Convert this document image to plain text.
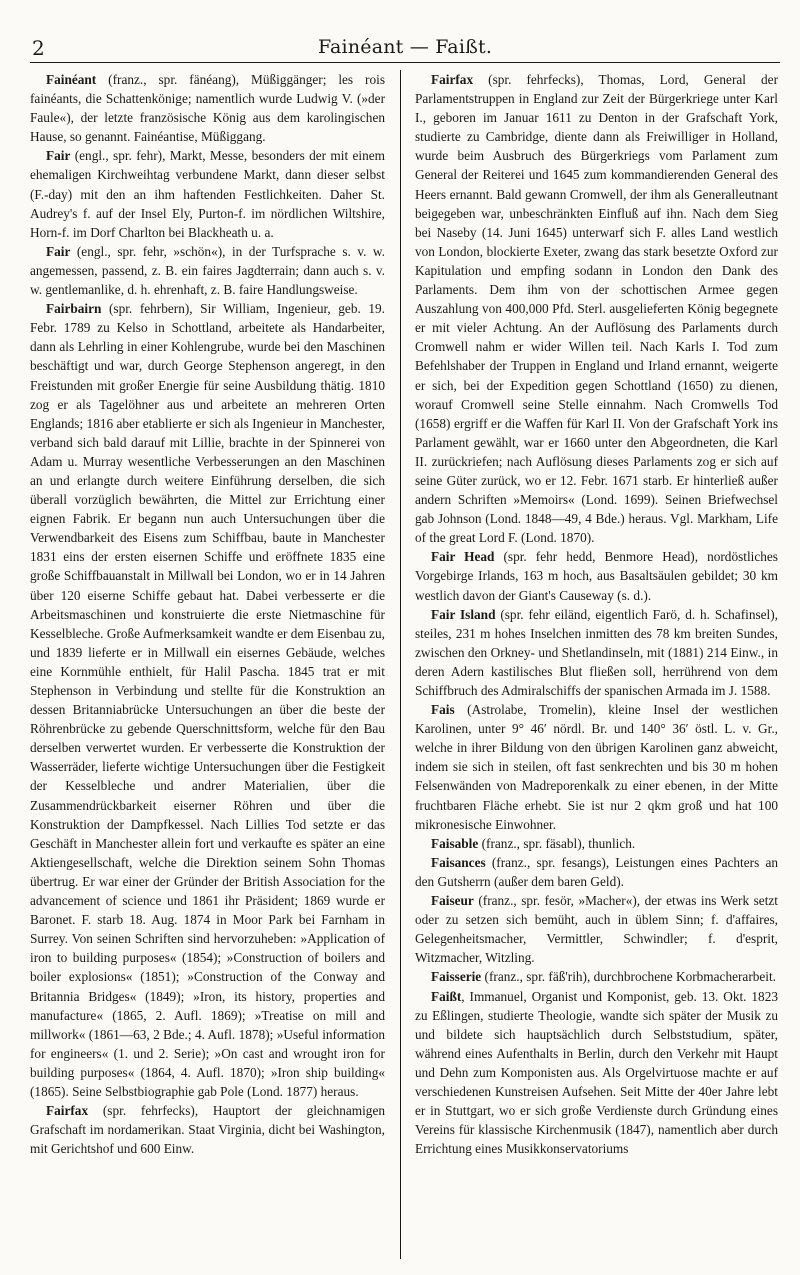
2	Fainéant — Faißt.

Fainéant (franz., spr. fänéang), Müßiggänger; les rois fainéants, die Schattenkönige; namentlich wurde Ludwig V. (»der Faule«), der letzte französische König aus dem karolingischen Hause, so genannt. Fainéantise, Müßiggang.

Fair (engl., spr. fehr), Markt, Messe, besonders der mit einem ehemaligen Kirchweihtag verbundene Markt, dann dieser selbst (F.-day) mit den an ihm haftenden Festlichkeiten. Daher St. Audrey's f. auf der Insel Ely, Purton-f. im nördlichen Wiltshire, Horn-f. im Dorf Charlton bei Blackheath u. a.

Fair (engl., spr. fehr, »schön«), in der Turfsprache s. v. w. angemessen, passend, z. B. ein faires Jagdterrain; dann auch s. v. w. gentlemanlike, d. h. ehrenhaft, z. B. faire Handlungsweise.

Fairbairn (spr. fehrbern), Sir William, Ingenieur, geb. 19. Febr. 1789 zu Kelso in Schottland, arbeitete als Handarbeiter, dann als Lehrling in einer Kohlengrube, wurde bei den Maschinen beschäftigt und war, durch George Stephenson angeregt, in den Freistunden mit großer Energie für seine Ausbildung thätig. 1810 zog er als Tagelöhner aus und arbeitete an mehreren Orten Englands; 1816 aber etablierte er sich als Ingenieur in Manchester, verband sich bald darauf mit Lillie, brachte in der Spinnerei von Adam u. Murray wesentliche Verbesserungen an den Maschinen an und erlangte durch weitere Einführung derselben, die sich überall vorzüglich bewährten, die Mittel zur Errichtung einer eignen Fabrik. Er begann nun auch Untersuchungen über die Verwendbarkeit des Eisens zum Schiffbau, baute in Manchester 1831 eins der ersten eisernen Schiffe und eröffnete 1835 eine große Schiffbauanstalt in Millwall bei London, wo er in 14 Jahren über 120 eiserne Schiffe gebaut hat. Dabei verbesserte er die Arbeitsmaschinen und konstruierte die erste Nietmaschine für Kesselbleche. Große Aufmerksamkeit wandte er dem Eisenbau zu, und 1839 lieferte er in Millwall ein eisernes Gebäude, welches eine Kornmühle enthielt, für Halil Pascha. 1845 trat er mit Stephenson in Verbindung und stellte für die Konstruktion an dessen Britanniabrücke Untersuchungen an über die beste der Röhrenbrücke zu gebende Querschnittsform, welche für den Bau derselben verwertet wurden. Er verbesserte die Konstruktion der Wasserräder, lieferte wichtige Untersuchungen über die Festigkeit der Kesselbleche und andrer Materialien, über die Zusammendrückbarkeit eiserner Röhren und über die Konstruktion der Dampfkessel. Nach Lillies Tod setzte er das Geschäft in Manchester allein fort und verkaufte es später an eine Aktiengesellschaft, welche die Direktion seinem Sohn Thomas übertrug. Er war einer der Gründer der British Association for the advancement of science und 1861 ihr Präsident; 1869 wurde er Baronet. F. starb 18. Aug. 1874 in Moor Park bei Farnham in Surrey. Von seinen Schriften sind hervorzuheben: »Application of iron to building purposes« (1854); »Construction of boilers and boiler explosions« (1851); »Construction of the Conway and Britannia Bridges« (1849); »Iron, its history, properties and manufacture« (1865, 2. Aufl. 1869); »Treatise on mill and millwork« (1861—63, 2 Bde.; 4. Aufl. 1878); »Useful information for engineers« (1. und 2. Serie); »On cast and wrought iron for building purposes« (1864, 4. Aufl. 1870); »Iron ship building« (1865). Seine Selbstbiographie gab Pole (Lond. 1877) heraus.

Fairfax (spr. fehrfecks), Hauptort der gleichnamigen Grafschaft im nordamerikan. Staat Virginia, dicht bei Washington, mit Gerichtshof und 600 Einw.

Fairfax (spr. fehrfecks), Thomas, Lord, General der Parlamentstruppen in England zur Zeit der Bürgerkriege unter Karl I., geboren im Januar 1611 zu Denton in der Grafschaft York, studierte zu Cambridge, diente dann als Freiwilliger in Holland, wurde beim Ausbruch des Bürgerkriegs vom Parlament zum General der Reiterei und 1645 zum kommandierenden General des Heers ernannt. Bald gewann Cromwell, der ihm als Generalleutnant beigegeben war, unbeschränkten Einfluß auf ihn. Nach dem Sieg bei Naseby (14. Juni 1645) unterwarf sich F. alles Land westlich von London, blockierte Exeter, zwang das stark besetzte Oxford zur Kapitulation und empfing sodann in London den Dank des Parlaments. Dem ihm von der schottischen Armee gegen Auszahlung von 400,000 Pfd. Sterl. ausgelieferten König begegnete er mit vieler Achtung. An der Auflösung des Parlaments durch Cromwell nahm er wider Willen teil. Nach Karls I. Tod zum Befehlshaber der Truppen in England und Irland ernannt, weigerte er sich, bei der Expedition gegen Schottland (1650) zu dienen, worauf Cromwell seine Stelle einnahm. Nach Cromwells Tod (1658) ergriff er die Waffen für Karl II. Von der Grafschaft York ins Parlament gewählt, war er 1660 unter den Abgeordneten, die Karl II. zurückriefen; nach Auflösung dieses Parlaments zog er sich auf seine Güter zurück, wo er 12. Febr. 1671 starb. Er hinterließ außer andern Schriften »Memoirs« (Lond. 1699). Seinen Briefwechsel gab Johnson (Lond. 1848—49, 4 Bde.) heraus. Vgl. Markham, Life of the great Lord F. (Lond. 1870).

Fair Head (spr. fehr hedd, Benmore Head), nordöstliches Vorgebirge Irlands, 163 m hoch, aus Basaltsäulen gebildet; 30 km westlich davon der Giant's Causeway (s. d.).

Fair Island (spr. fehr eiländ, eigentlich Farö, d. h. Schafinsel), steiles, 231 m hohes Inselchen inmitten des 78 km breiten Sundes, zwischen den Orkney- und Shetlandinseln, mit (1881) 214 Einw., in deren Adern kastilisches Blut fließen soll, herrührend von dem Schiffbruch des Admiralschiffs der spanischen Armada im J. 1588.

Fais (Astrolabe, Tromelin), kleine Insel der westlichen Karolinen, unter 9° 46′ nördl. Br. und 140° 36′ östl. L. v. Gr., welche in ihrer Bildung von den übrigen Karolinen ganz abweicht, indem sie sich in steilen, oft fast senkrechten und bis 30 m hohen Felsenwänden von Madreporenkalk zu einer ebenen, in der Mitte fruchtbaren Fläche erhebt. Sie ist nur 2 qkm groß und hat 100 mikronesische Einwohner.

Faisable (franz., spr. fäsabl), thunlich.

Faisances (franz., spr. fesangs), Leistungen eines Pachters an den Gutsherrn (außer dem baren Geld).

Faiseur (franz., spr. fesör, »Macher«), der etwas ins Werk setzt oder zu setzen sich bemüht, auch in üblem Sinn; f. d'affaires, Gelegenheitsmacher, Vermittler, Schwindler; f. d'esprit, Witzmacher, Witzling.

Faisserie (franz., spr. fäß'rih), durchbrochene Korbmacherarbeit.

Faißt, Immanuel, Organist und Komponist, geb. 13. Okt. 1823 zu Eßlingen, studierte Theologie, wandte sich später der Musik zu und bildete sich hauptsächlich durch Selbststudium, später, während eines Aufenthalts in Berlin, durch den Verkehr mit Haupt und Dehn zum Komponisten aus. Als Orgelvirtuose machte er auf verschiedenen Kunstreisen Aufsehen. Seit Mitte der 40er Jahre lebt er in Stuttgart, wo er sich große Verdienste durch Gründung eines Vereins für klassische Kirchenmusik (1847), namentlich aber durch Errichtung eines Musikkonservatoriums
